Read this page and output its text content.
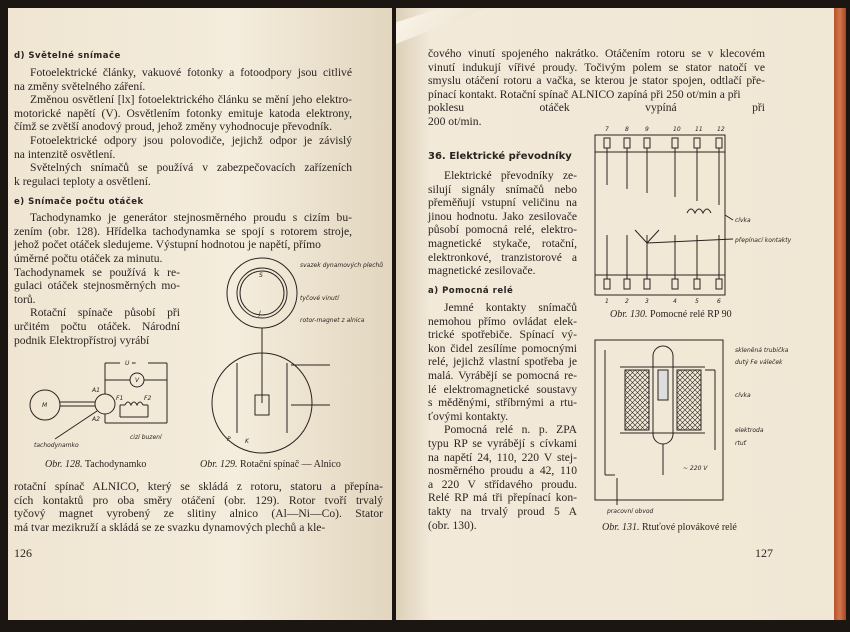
d) Světelné snímače
Fotoelektrické články, vakuové fotonky a fotoodpory jsou citlivé
na změny světelného záření.
Změnou osvětlení [lx] fotoelektrického článku se mění jeho elektro-
motorické napětí (V). Osvětlením fotonky emituje katoda elektrony,
čímž se zvětší anodový proud, jehož změny vyhodnocuje převodník.
Fotoelektrické odpory jsou polovodiče, jejichž odpor je závislý
na intenzitě osvětlení.
Světelných snímačů se používá v zabezpečovacích zařízeních
k regulaci teploty a osvětlení.
e) Snímače počtu otáček
Tachodynamko je generátor stejnosměrného proudu s cizím bu-
zením (obr. 128). Hřídelka tachodynamka se spojí s rotorem stroje,
jehož počet otáček sledujeme. Výstupní hodnotou je napětí, přímo
úměrné počtu otáček za minutu.
Tachodynamek se používá k re-
gulaci otáček stejnosměrných mo-
torů.
Rotační spínače působí při
určitém počtu otáček. Národní
podnik Elektropřístroj vyrábí
rotační spínač ALNICO, který se skládá z rotoru, statoru a přepína-
cích kontaktů pro oba směry otáčení (obr. 129). Rotor tvoří trvalý
tyčový magnet vyrobený ze slitiny alnico (Al—Ni—Co). Stator
má tvar mezikruží a skládá se ze svazku dynamových plechů a kle-
M
U =
V
A1
A2
F1	F2
tachodynamko
cizí buzení
Obr. 128. Tachodynamko
S
J
svazek dynamových plechů
tyčové vinutí
rotor-magnet z alnica
P K
Obr. 129. Rotační spínač — Alnico
126
čového vinutí spojeného nakrátko. Otáčením rotoru se v klecovém
vinutí indukují vířivé proudy. Točivým polem se stator natočí ve
smyslu otáčení rotoru a vačka, se kterou je stator spojen, odtlačí pře-
pínací kontakt. Rotační spínač ALNICO zapíná při 250 ot/min a při
poklesu otáček vypíná při
200 ot/min.
36. Elektrické převodníky
Elektrické převodníky ze-
silují signály snímačů nebo
přeměňují vstupní veličinu na
jinou hodnotu. Jako zesilovače
působí pomocná relé, elektro-
magnetické stykače, rotační,
elektronkové, tranzistorové a
magnetické zesilovače.
a) Pomocná relé
Jemné kontakty snímačů
nemohou přímo ovládat elek-
trické spotřebiče. Spínací vý-
kon čidel zesílíme pomocnými
relé, jejichž vlastní spotřeba je
malá. Vyrábějí se pomocná re-
lé elektromagnetické soustavy
s měděnými, stříbrnými a rtu-
ťovými kontakty.
Pomocná relé n. p. ZPA
typu RP se vyrábějí s cívkami
na napětí 24, 110, 220 V stej-
nosměrného proudu a 42, 110
a 220 V střídavého proudu.
Relé RP má tři přepínací kon-
takty na trvalý proud 5 A
(obr. 130).
cívka
přepínací kontakty
7
1
8
2
9
3
10
4
11
5
12
6
Obr. 130. Pomocné relé RP 90
skleněná trubička
dutý Fe váleček
cívka
elektroda
rtuť
~ 220 V
pracovní obvod
Obr. 131. Rtuťové plovákové relé
127
